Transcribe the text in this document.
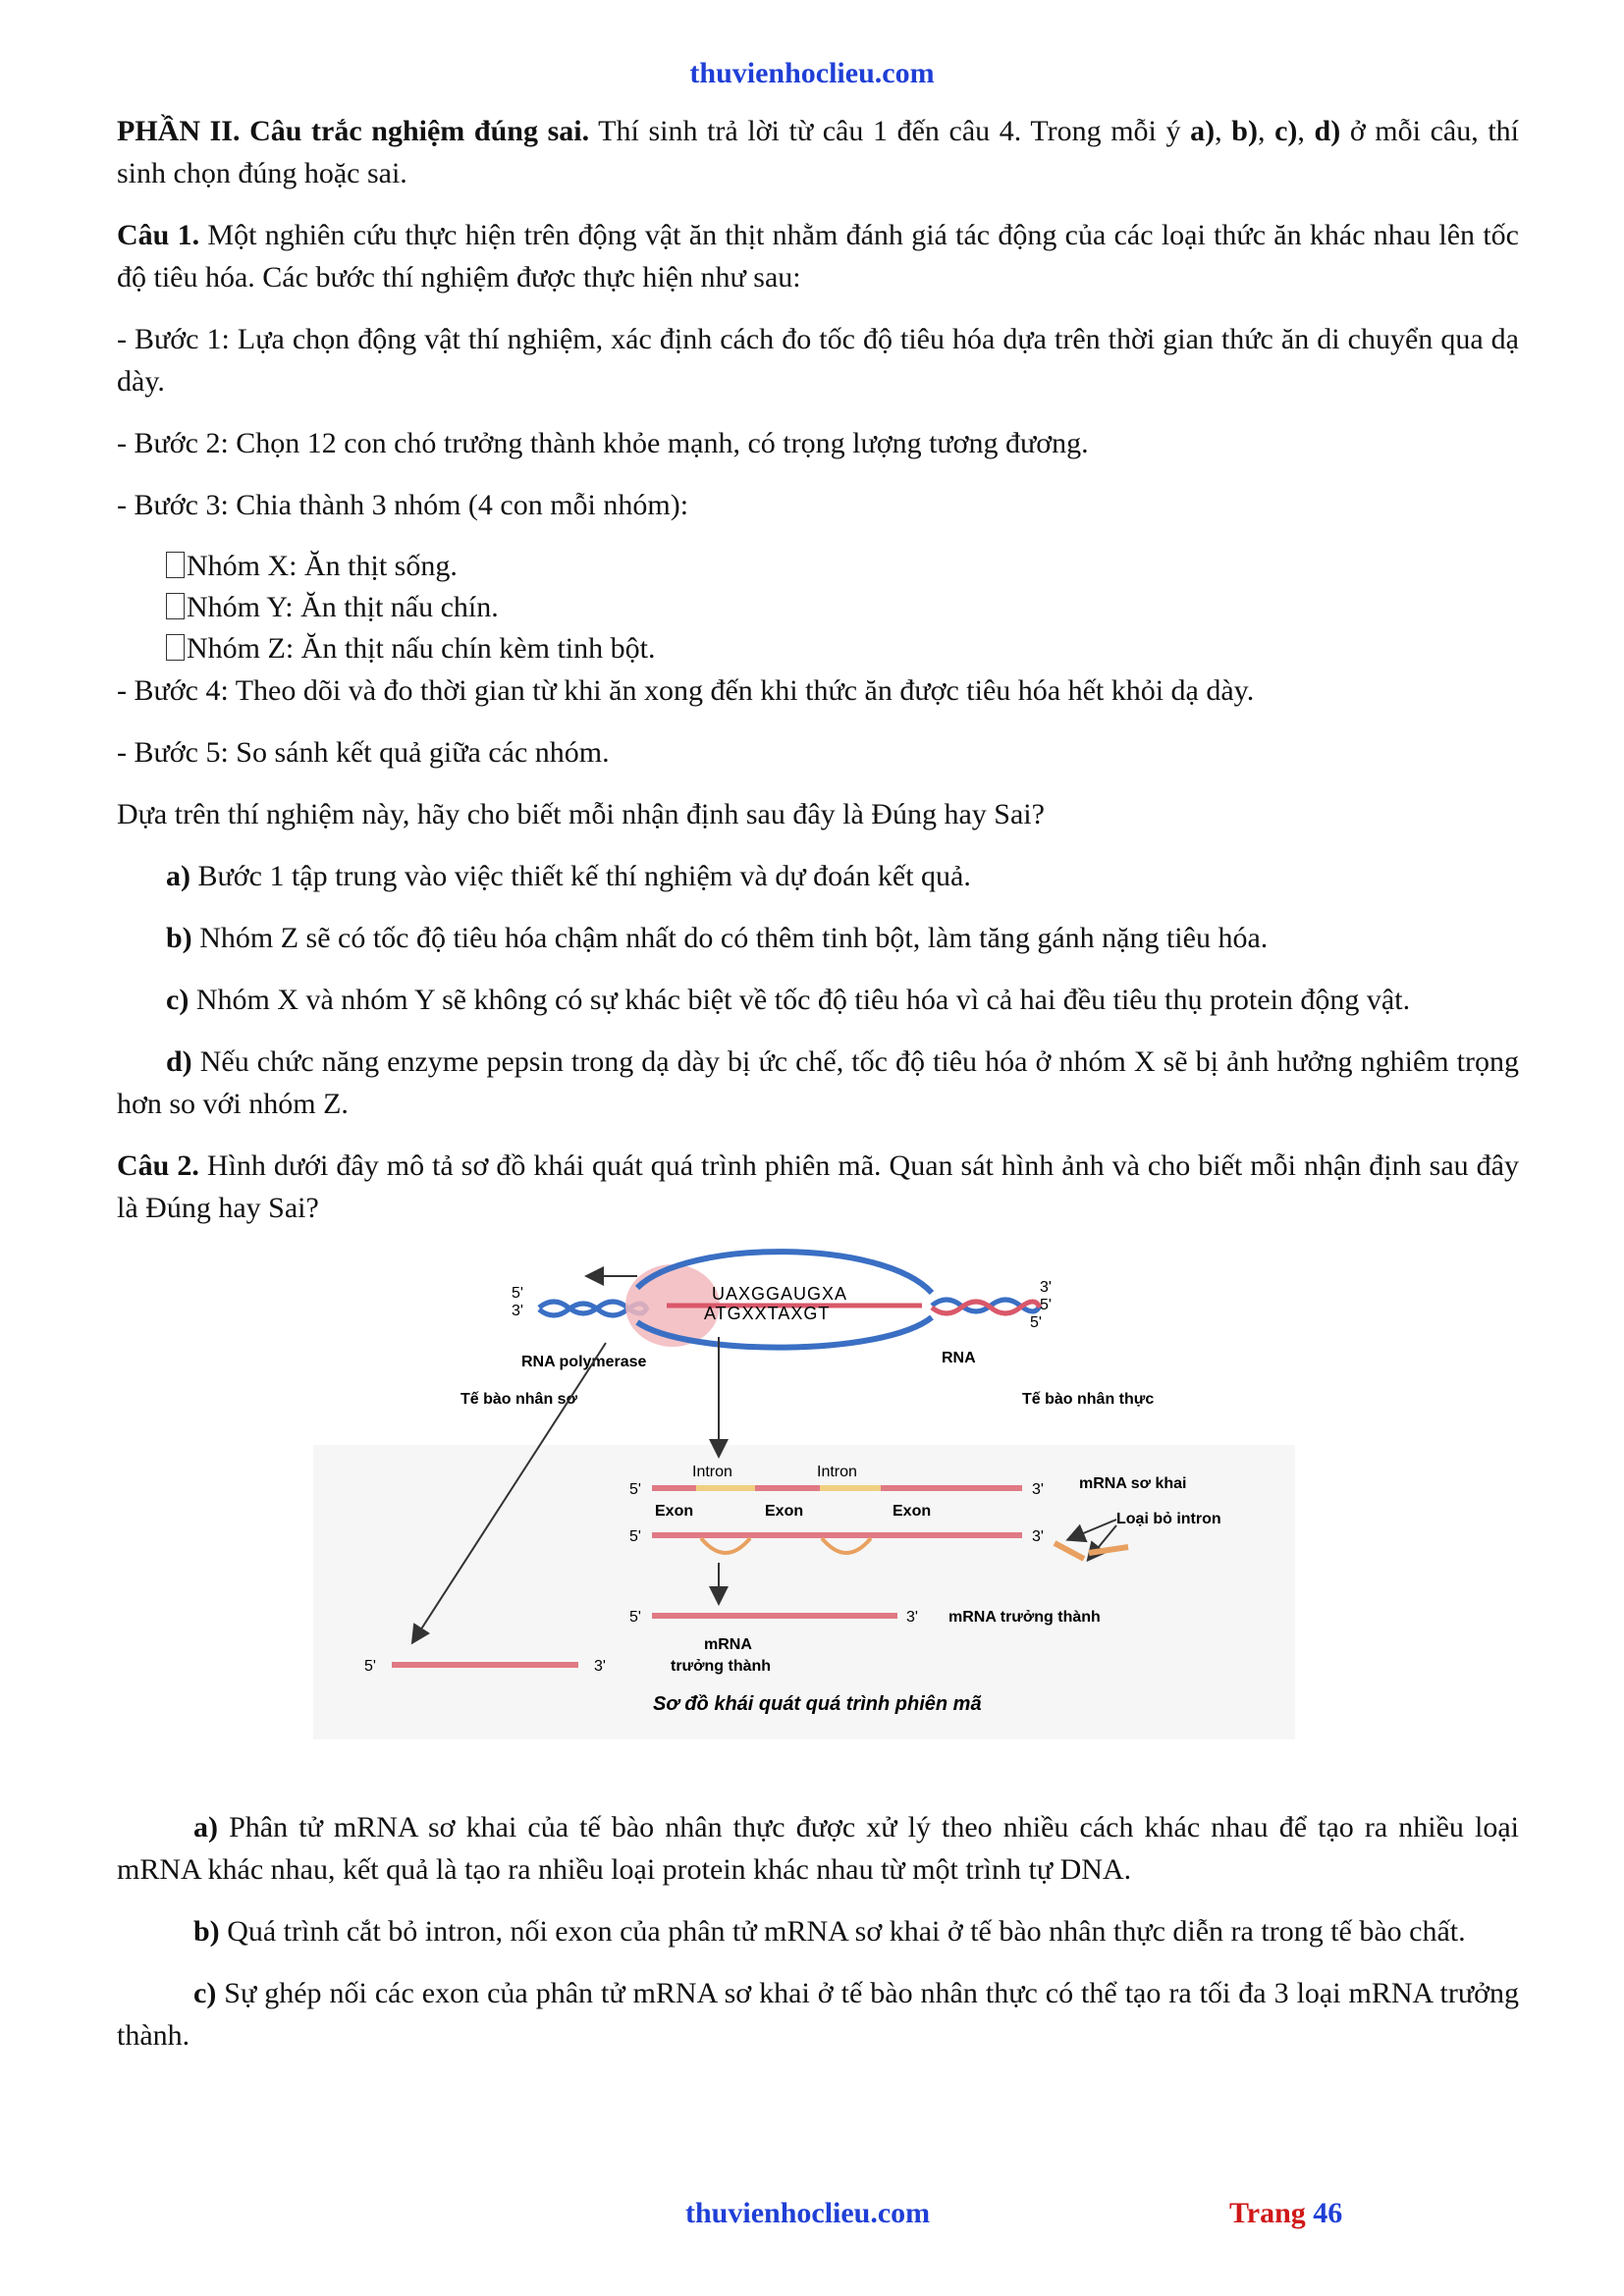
thuvienhoclieu.com

PHẦN II. Câu trắc nghiệm đúng sai. Thí sinh trả lời từ câu 1 đến câu 4. Trong mỗi ý a), b), c), d) ở mỗi câu, thí sinh chọn đúng hoặc sai.

Câu 1. Một nghiên cứu thực hiện trên động vật ăn thịt nhằm đánh giá tác động của các loại thức ăn khác nhau lên tốc độ tiêu hóa. Các bước thí nghiệm được thực hiện như sau:

- Bước 1: Lựa chọn động vật thí nghiệm, xác định cách đo tốc độ tiêu hóa dựa trên thời gian thức ăn di chuyển qua dạ dày.

- Bước 2: Chọn 12 con chó trưởng thành khỏe mạnh, có trọng lượng tương đương.

- Bước 3: Chia thành 3 nhóm (4 con mỗi nhóm):

Nhóm X: Ăn thịt sống.
Nhóm Y: Ăn thịt nấu chín.
Nhóm Z: Ăn thịt nấu chín kèm tinh bột.

- Bước 4: Theo dõi và đo thời gian từ khi ăn xong đến khi thức ăn được tiêu hóa hết khỏi dạ dày.

- Bước 5: So sánh kết quả giữa các nhóm.

Dựa trên thí nghiệm này, hãy cho biết mỗi nhận định sau đây là Đúng hay Sai?

a) Bước 1 tập trung vào việc thiết kế thí nghiệm và dự đoán kết quả.

b) Nhóm Z sẽ có tốc độ tiêu hóa chậm nhất do có thêm tinh bột, làm tăng gánh nặng tiêu hóa.

c) Nhóm X và nhóm Y sẽ không có sự khác biệt về tốc độ tiêu hóa vì cả hai đều tiêu thụ protein động vật.

d) Nếu chức năng enzyme pepsin trong dạ dày bị ức chế, tốc độ tiêu hóa ở nhóm X sẽ bị ảnh hưởng nghiêm trọng hơn so với nhóm Z.

Câu 2. Hình dưới đây mô tả sơ đồ khái quát quá trình phiên mã. Quan sát hình ảnh và cho biết mỗi nhận định sau đây là Đúng hay Sai?

5'
3'
3'
5'
5'
UAXGGAUGXA
ATGXXTAXGT
RNA polymerase	RNA
Tế bào nhân sơ	Tế bào nhân thực
Intron	Intron
5'	3' mRNA sơ khai
Exon	Exon	Exon
5'	3'
Loại bỏ intron
5'	3' mRNA trưởng thành
5'	3'
mRNA
trưởng thành
Sơ đồ khái quát quá trình phiên mã

a) Phân tử mRNA sơ khai của tế bào nhân thực được xử lý theo nhiều cách khác nhau để tạo ra nhiều loại mRNA khác nhau, kết quả là tạo ra nhiều loại protein khác nhau từ một trình tự DNA.

b) Quá trình cắt bỏ intron, nối exon của phân tử mRNA sơ khai ở tế bào nhân thực diễn ra trong tế bào chất.

c) Sự ghép nối các exon của phân tử mRNA sơ khai ở tế bào nhân thực có thể tạo ra tối đa 3 loại mRNA trưởng thành.

thuvienhoclieu.com	Trang 46
